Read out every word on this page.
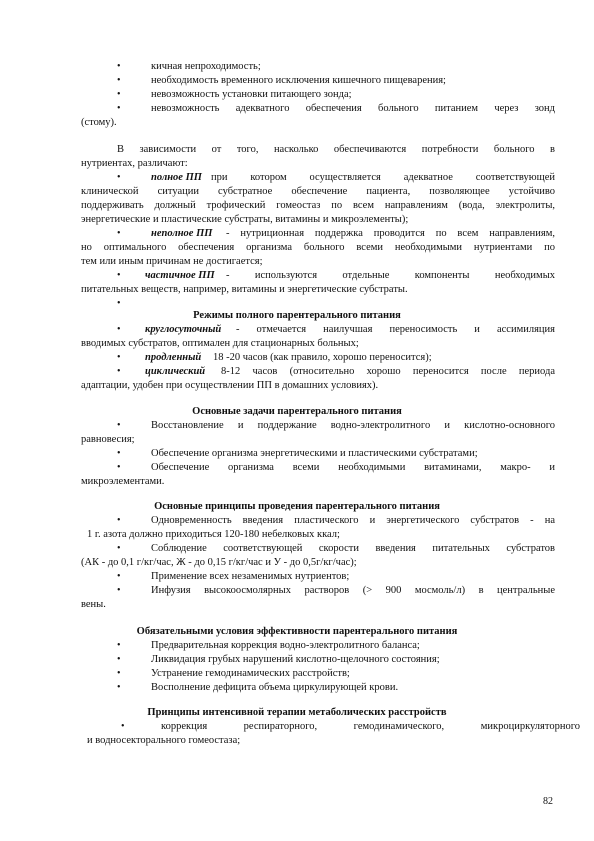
•	кичная непроходимость;
•	необходимость временного исключения кишечного пищеварения;
•	невозможность установки питающего зонда;
•	невозможность адекватного обеспечения больного питанием через зонд
(стому).
В зависимости от того, насколько обеспечиваются потребности больного в
нутриентах, различают:
•	полное ПП при котором осуществляется адекватное соответствующей
клинической ситуации субстратное обеспечение пациента, позволяющее устойчиво
поддерживать должный трофический гомеостаз по всем направлениям (вода, электролиты,
энергетические и пластические субстраты, витамины и микроэлементы);
•	неполное ПП - нутриционная поддержка проводится по всем направлениям,
но оптимального обеспечения организма больного всеми необходимыми нутриентами по
тем или иным причинам не достигается;
• частичное ПП - используются отдельные компоненты необходимых
питательных веществ, например, витамины и энергетические субстраты.
•
Режимы полного парентерального питания
• круглосуточный - отмечается наилучшая переносимость и ассимиляция
вводимых субстратов, оптимален для стационарных больных;
• продленный 18 -20 часов (как правило, хорошо переносится);
• циклический 8-12 часов (относительно хорошо переносится после периода
адаптации, удобен при осуществлении ПП в домашних условиях).
Основные задачи парентерального питания
•	Восстановление и поддержание водно-электролитного и кислотно-основного
равновесия;
•	Обеспечение организма энергетическими и пластическими субстратами;
•	Обеспечение организма всеми необходимыми витаминами, макро- и
микроэлементами.
Основные принципы проведения парентерального питания
•	Одновременность введения пластического и энергетического субстратов - на
1 г. азота должно приходиться 120-180 небелковых ккал;
•	Соблюдение соответствующей скорости введения питательных субстратов
(АК - до 0,1 г/кг/час, Ж - до 0,15 г/кг/час и У - до 0,5г/кг/час);
•	Применение всех незаменимых нутриентов;
•	Инфузия высокоосмолярных растворов (> 900 мосмоль/л) в центральные
вены.
Обязательными условия эффективности парентерального питания
•	Предварительная коррекция водно-электролитного баланса;
•	Ликвидация грубых нарушений кислотно-щелочного состояния;
•	Устранение гемодинамических расстройств;
•	Восполнение дефицита объема циркулирующей крови.
Принципы интенсивной терапии метаболических расстройств
•	коррекция респираторного, гемодинамического, микроциркуляторного
и водносекторального гомеостаза;
82
